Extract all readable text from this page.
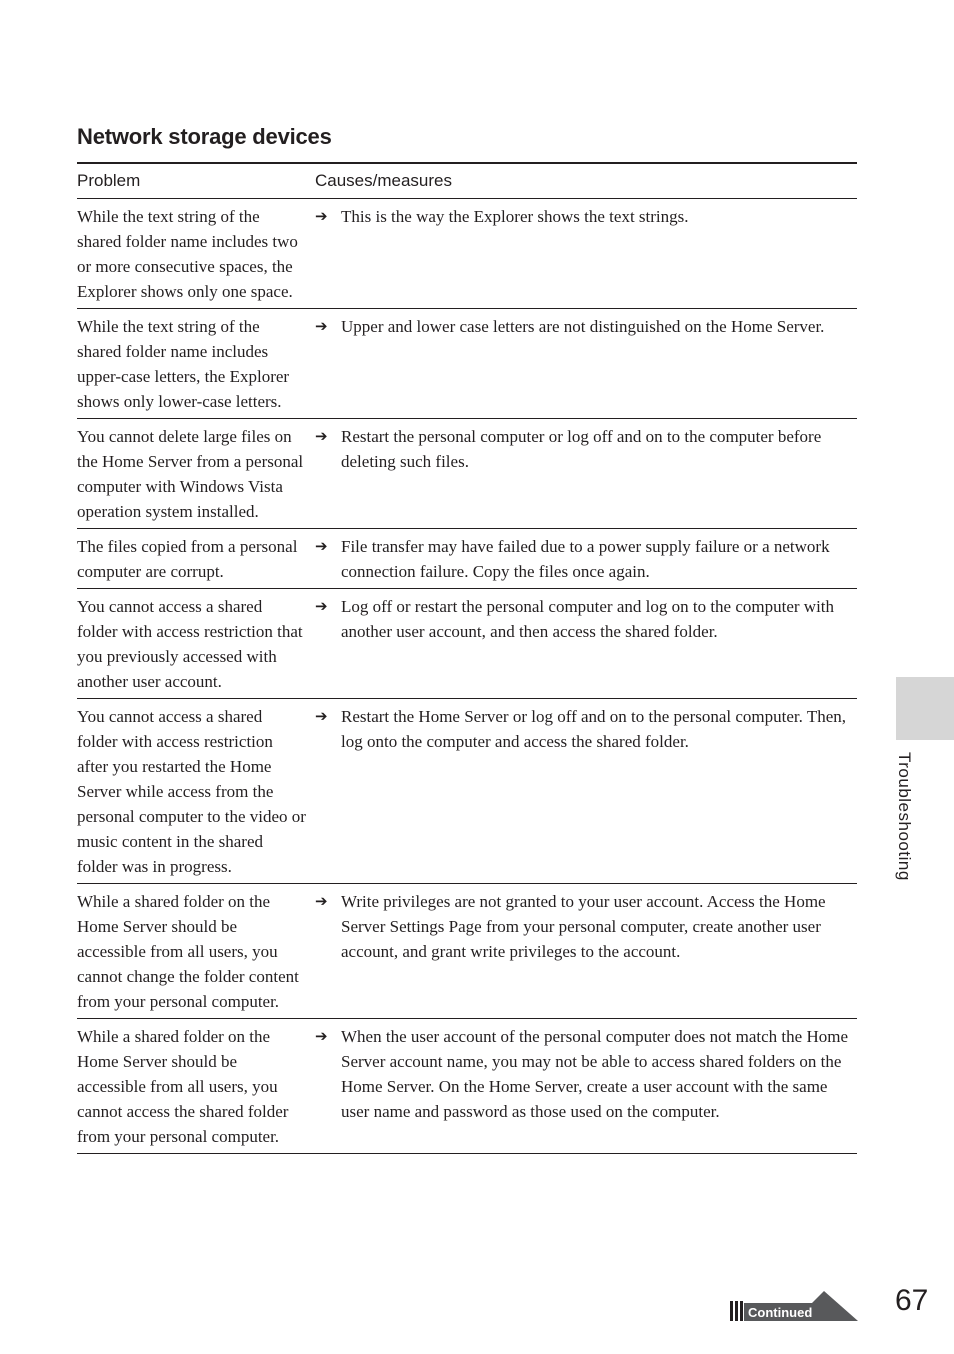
Network storage devices
Problem	Causes/measures
While the text string of the shared folder name includes two or more consecutive spaces, the Explorer shows only one space.	➔ This is the way the Explorer shows the text strings.

While the text string of the shared folder name includes upper-case letters, the Explorer shows only lower-case letters.	➔ Upper and lower case letters are not distinguished on the Home Server.

You cannot delete large files on the Home Server from a personal computer with Windows Vista operation system installed.	➔ Restart the personal computer or log off and on to the computer before deleting such files.

The files copied from a personal computer are corrupt.	➔ File transfer may have failed due to a power supply failure or a network connection failure. Copy the files once again.

You cannot access a shared folder with access restriction that you previously accessed with another user account.	➔ Log off or restart the personal computer and log on to the computer with another user account, and then access the shared folder.

You cannot access a shared folder with access restriction after you restarted the Home Server while access from the personal computer to the video or music content in the shared folder was in progress.	➔ Restart the Home Server or log off and on to the personal computer. Then, log onto the computer and access the shared folder.

While a shared folder on the Home Server should be accessible from all users, you cannot change the folder content from your personal computer.	➔ Write privileges are not granted to your user account. Access the Home Server Settings Page from your personal computer, create another user account, and grant write privileges to the account.

While a shared folder on the Home Server should be accessible from all users, you cannot access the shared folder from your personal computer.	➔ When the user account of the personal computer does not match the Home Server account name, you may not be able to access shared folders on the Home Server. On the Home Server, create a user account with the same user name and password as those used on the computer.
Troubleshooting
Continued	67
